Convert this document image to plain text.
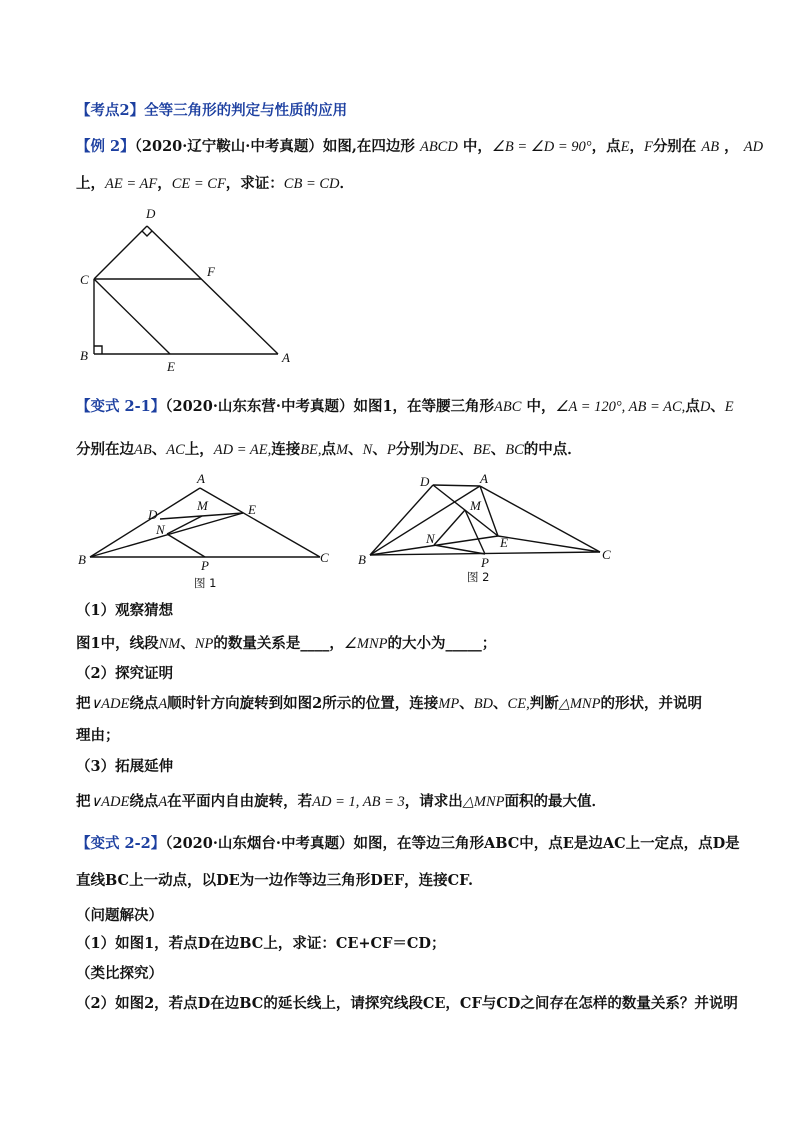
【考点2】全等三角形的判定与性质的应用
【例 2】（2020·辽宁鞍山·中考真题）如图,在四边形 ABCD 中，∠B = ∠D = 90°，点E，F分别在 AB ， AD
上，AE = AF，CE = CF，求证：CB = CD．
D
C
F
B
E
A
【变式 2-1】（2020·山东东营·中考真题）如图1，在等腰三角形ABC 中，∠A = 120°, AB = AC,点D、E
分别在边AB、AC上，AD = AE,连接BE,点M、N、P分别为DE、BE、BC的中点．
A
D
M	E
N
B	P
C
图 1
D	A
M
N	E
B	P
C
图 2
（1）观察猜想
图1中，线段NM、NP的数量关系是____，∠MNP的大小为_____；
（2）探究证明
把∨ADE绕点A顺时针方向旋转到如图2所示的位置，连接MP、BD、CE,判断△MNP的形状，并说明
理由；
（3）拓展延伸
把∨ADE绕点A在平面内自由旋转，若AD = 1, AB = 3，请求出△MNP面积的最大值．
【变式 2-2】（2020·山东烟台·中考真题）如图，在等边三角形ABC中，点E是边AC上一定点，点D是
直线BC上一动点，以DE为一边作等边三角形DEF，连接CF.
（问题解决）
（1）如图1，若点D在边BC上，求证：CE+CF＝CD；
（类比探究）
（2）如图2，若点D在边BC的延长线上，请探究线段CE，CF与CD之间存在怎样的数量关系？并说明
